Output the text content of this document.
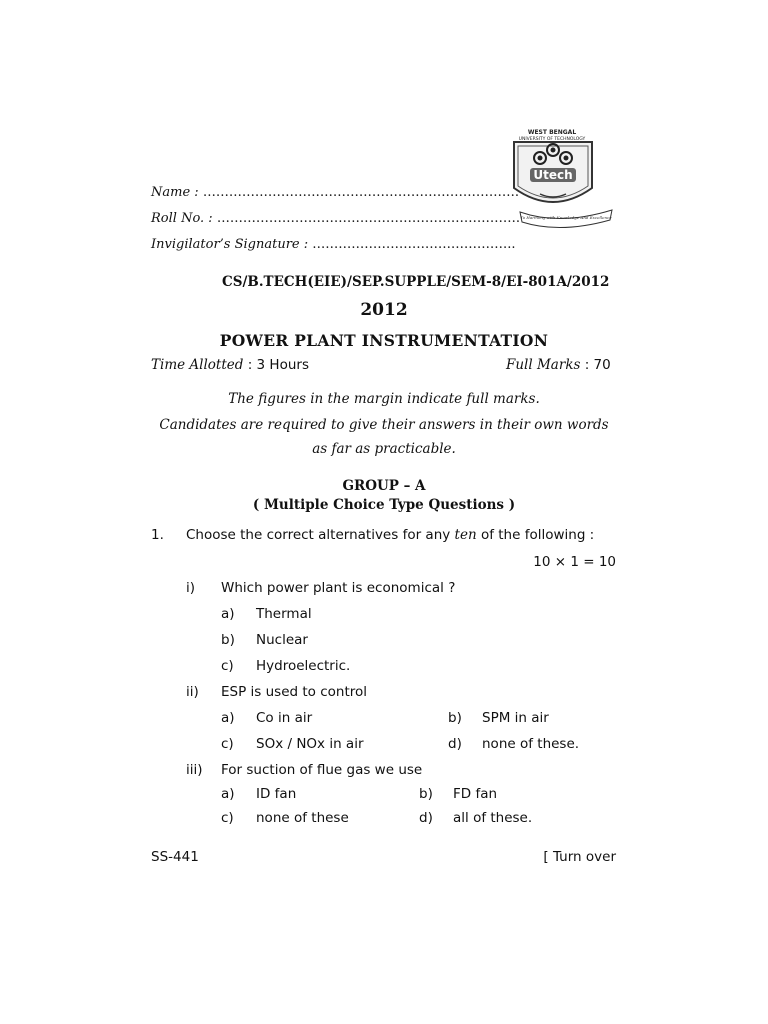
WEST BENGAL
UNIVERSITY OF TECHNOLOGY
Utech
To Harmony with Knowledge And Excellence
Name : ……………………………………………………………….
Roll No. : …………………………………………………………….
Invigilator’s Signature : ………………………………………..
CS/B.TECH(EIE)/SEP.SUPPLE/SEM-8/EI-801A/2012
2012
POWER PLANT INSTRUMENTATION
Time Allotted : 3 Hours	Full Marks : 70
The figures in the margin indicate full marks.
Candidates are required to give their answers in their own words
as far as practicable.
GROUP – A
( Multiple Choice Type Questions )
1. Choose the correct alternatives for any ten of the following :
10 × 1 = 10
i) Which power plant is economical ?
a) Thermal
b) Nuclear
c) Hydroelectric.
ii) ESP is used to control
a) Co in air	b) SPM in air
c) SOx / NOx in air	d) none of these.
iii) For suction of flue gas we use
a) ID fan	b) FD fan
c) none of these	d) all of these.
SS-441	[ Turn over
